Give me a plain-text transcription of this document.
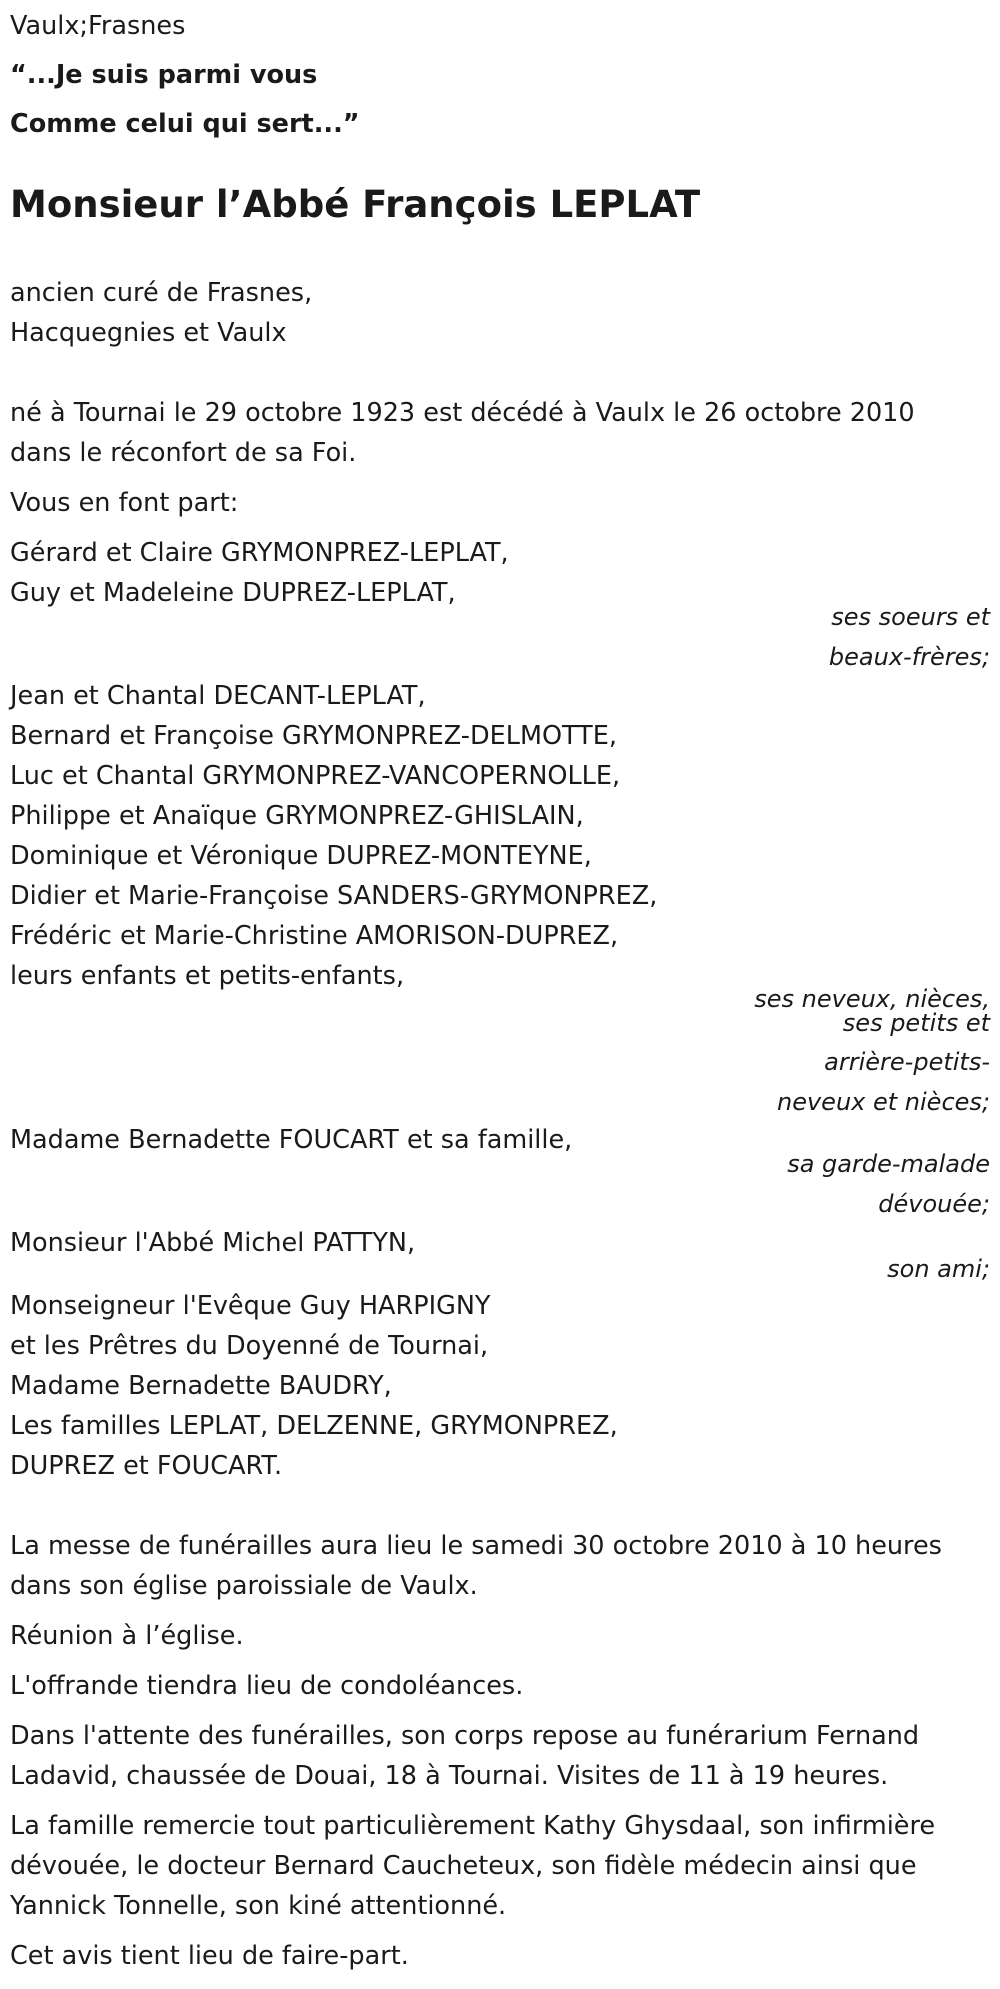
Vaulx;Frasnes
“...Je suis parmi vous
Comme celui qui sert...”
Monsieur l’Abbé François LEPLAT
ancien curé de Frasnes,
Hacquegnies et Vaulx
né à Tournai le 29 octobre 1923 est décédé à Vaulx le 26 octobre 2010
dans le réconfort de sa Foi.
Vous en font part:
Gérard et Claire GRYMONPREZ-LEPLAT,
Guy et Madeleine DUPREZ-LEPLAT,
ses soeurs et
beaux-frères;
Jean et Chantal DECANT-LEPLAT,
Bernard et Françoise GRYMONPREZ-DELMOTTE,
Luc et Chantal GRYMONPREZ-VANCOPERNOLLE,
Philippe et Anaïque GRYMONPREZ-GHISLAIN,
Dominique et Véronique DUPREZ-MONTEYNE,
Didier et Marie-Françoise SANDERS-GRYMONPREZ,
Frédéric et Marie-Christine AMORISON-DUPREZ,
leurs enfants et petits-enfants,
ses neveux, nièces,
ses petits et
arrière-petits-
neveux et nièces;
Madame Bernadette FOUCART et sa famille,
sa garde-malade
dévouée;
Monsieur l'Abbé Michel PATTYN,
son ami;
Monseigneur l'Evêque Guy HARPIGNY
et les Prêtres du Doyenné de Tournai,
Madame Bernadette BAUDRY,
Les familles LEPLAT, DELZENNE, GRYMONPREZ,
DUPREZ et FOUCART.
La messe de funérailles aura lieu le samedi 30 octobre 2010 à 10 heures
dans son église paroissiale de Vaulx.
Réunion à l’église.
L'offrande tiendra lieu de condoléances.
Dans l'attente des funérailles, son corps repose au funérarium Fernand
Ladavid, chaussée de Douai, 18 à Tournai. Visites de 11 à 19 heures.
La famille remercie tout particulièrement Kathy Ghysdaal, son infirmière
dévouée, le docteur Bernard Caucheteux, son fidèle médecin ainsi que
Yannick Tonnelle, son kiné attentionné.
Cet avis tient lieu de faire-part.
